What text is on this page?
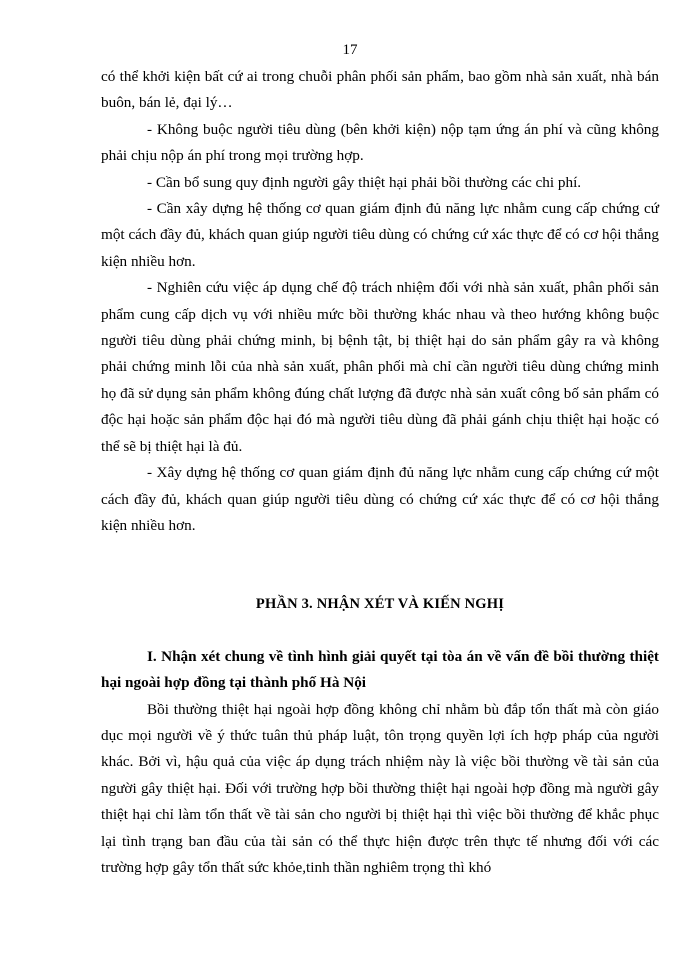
17

có thể khởi kiện bất cứ ai trong chuỗi phân phối sản phẩm, bao gồm nhà sản xuất, nhà bán buôn, bán lẻ, đại lý…

- Không buộc người tiêu dùng (bên khởi kiện) nộp tạm ứng án phí và cũng không phải chịu nộp án phí trong mọi trường hợp.

- Cần bổ sung quy định người gây thiệt hại phải bồi thường các chi phí.

- Cần xây dựng hệ thống cơ quan giám định đủ năng lực nhằm cung cấp chứng cứ một cách đầy đủ, khách quan giúp người tiêu dùng có chứng cứ xác thực để có cơ hội thắng kiện nhiều hơn.

- Nghiên cứu việc áp dụng chế độ trách nhiệm đối với nhà sản xuất, phân phối sản phẩm cung cấp dịch vụ với nhiều mức bồi thường khác nhau và theo hướng không buộc người tiêu dùng phải chứng minh, bị bệnh tật, bị thiệt hại do sản phẩm gây ra và không phải chứng minh lỗi của nhà sản xuất, phân phối mà chỉ cần người tiêu dùng chứng minh họ đã sử dụng sản phẩm không đúng chất lượng đã được nhà sản xuất công bố sản phẩm có độc hại hoặc sản phẩm độc hại đó mà người tiêu dùng đã phải gánh chịu thiệt hại hoặc có thể sẽ bị thiệt hại là đủ.

- Xây dựng hệ thống cơ quan giám định đủ năng lực nhằm cung cấp chứng cứ một cách đầy đủ, khách quan giúp người tiêu dùng có chứng cứ xác thực để có cơ hội thắng kiện nhiều hơn.

PHẦN 3. NHẬN XÉT VÀ KIẾN NGHỊ

I. Nhận xét chung về tình hình giải quyết tại tòa án về vấn đề bồi thường thiệt hại ngoài hợp đồng tại thành phố Hà Nội

Bồi thường thiệt hại ngoài hợp đồng không chỉ nhằm bù đắp tổn thất mà còn giáo dục mọi người về ý thức tuân thủ pháp luật, tôn trọng quyền lợi ích hợp pháp của người khác. Bởi vì, hậu quả của việc áp dụng trách nhiệm này là việc bồi thường về tài sản của người gây thiệt hại. Đối với trường hợp bồi thường thiệt hại ngoài hợp đồng mà người gây thiệt hại chỉ làm tổn thất về tài sản cho người bị thiệt hại thì việc bồi thường để khắc phục lại tình trạng ban đầu của tài sản có thể thực hiện được trên thực tế nhưng đối với các trường hợp gây tổn thất sức khỏe,tinh thần nghiêm trọng thì khó
